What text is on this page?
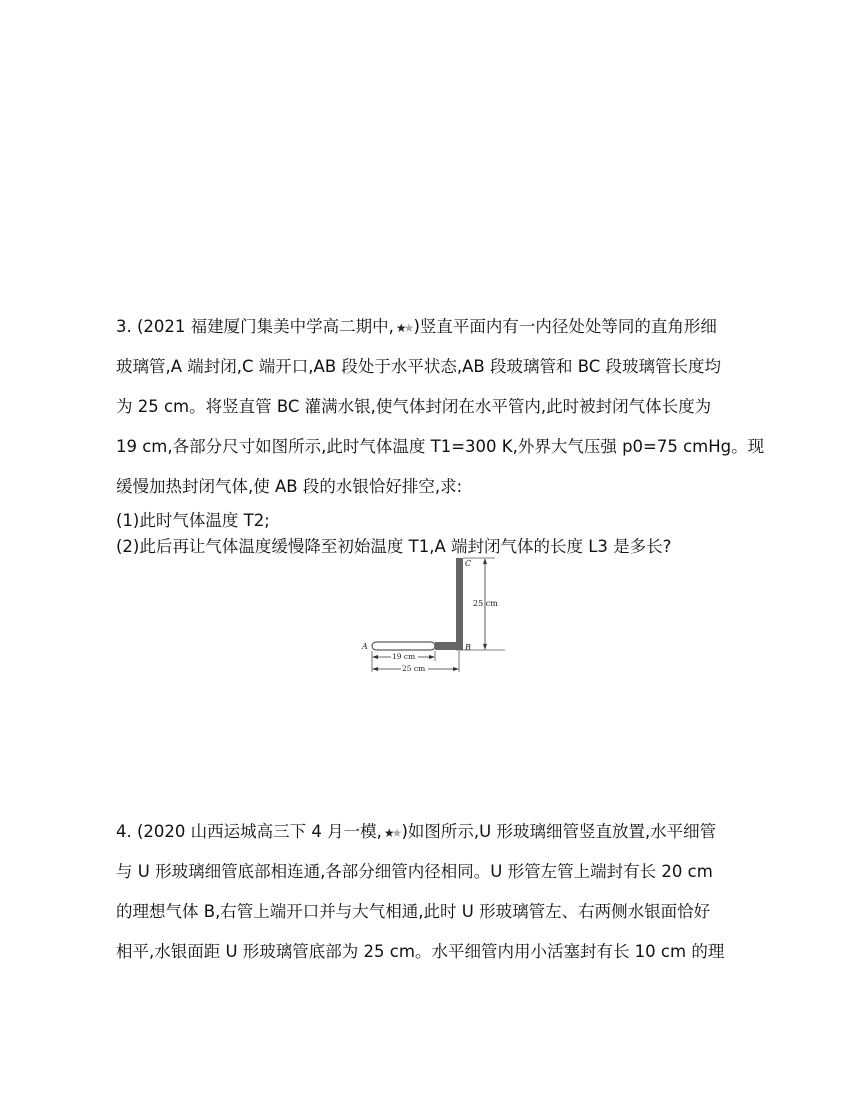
3. (2021 福建厦门集美中学高二期中, ★★ )竖直平面内有一内径处处等同的直角形细
玻璃管,A 端封闭,C 端开口,AB 段处于水平状态,AB 段玻璃管和 BC 段玻璃管长度均
为 25 cm。将竖直管 BC 灌满水银,使气体封闭在水平管内,此时被封闭气体长度为
19 cm,各部分尺寸如图所示,此时气体温度 T1=300 K,外界大气压强 p0=75 cmHg。现
缓慢加热封闭气体,使 AB 段的水银恰好排空,求:
(1)此时气体温度 T2;
(2)此后再让气体温度缓慢降至初始温度 T1,A 端封闭气体的长度 L3 是多长?
25 cm
C
B
A
19 cm
25 cm
4. (2020 山西运城高三下 4 月一模, ★★ )如图所示,U 形玻璃细管竖直放置,水平细管
与 U 形玻璃细管底部相连通,各部分细管内径相同。U 形管左管上端封有长 20 cm
的理想气体 B,右管上端开口并与大气相通,此时 U 形玻璃管左、右两侧水银面恰好
相平,水银面距 U 形玻璃管底部为 25 cm。水平细管内用小活塞封有长 10 cm 的理
